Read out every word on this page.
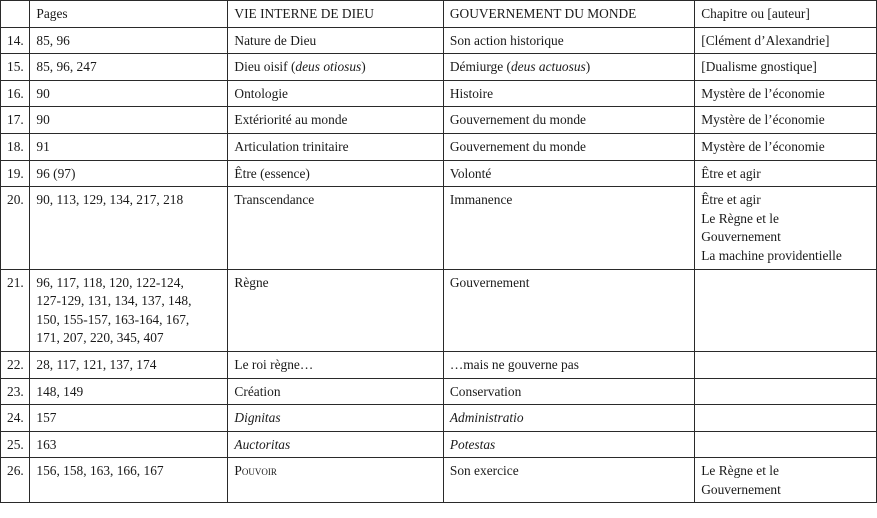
	Pages	VIE INTERNE DE DIEU	GOUVERNEMENT DU MONDE	Chapitre ou [auteur]
14.	85, 96	Nature de Dieu	Son action historique	[Clément d’Alexandrie]

15.	85, 96, 247	Dieu oisif (deus otiosus)	Démiurge (deus actuosus)	[Dualisme gnostique]

16.	90	Ontologie	Histoire	Mystère de l’économie

17.	90	Extériorité au monde	Gouvernement du monde	Mystère de l’économie

18.	91	Articulation trinitaire	Gouvernement du monde	Mystère de l’économie

19.	96 (97)	Être (essence)	Volonté	Être et agir

20.	90, 113, 129, 134, 217, 218	Transcendance	Immanence	Être et agir
Le Règne et le
Gouvernement
La machine providentielle

21.	96, 117, 118, 120, 122-124,
127-129, 131, 134, 137, 148,
150, 155-157, 163-164, 167,
171, 207, 220, 345, 407	Règne	Gouvernement	
22.	28, 117, 121, 137, 174	Le roi règne…	…mais ne gouverne pas	
23.	148, 149	Création	Conservation	
24.	157	Dignitas	Administratio	
25.	163	Auctoritas	Potestas	
26.	156, 158, 163, 166, 167	Pouvoir	Son exercice	Le Règne et le
Gouvernement
